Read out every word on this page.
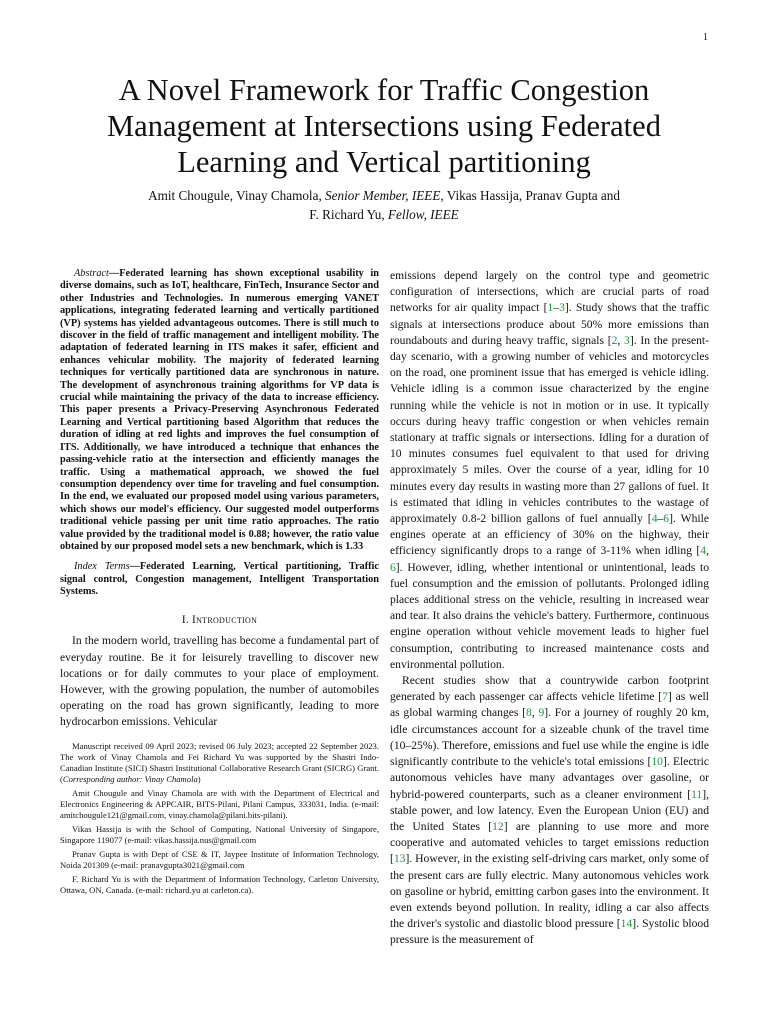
1
A Novel Framework for Traffic Congestion Management at Intersections using Federated Learning and Vertical partitioning
Amit Chougule, Vinay Chamola, Senior Member, IEEE, Vikas Hassija, Pranav Gupta and
F. Richard Yu, Fellow, IEEE

Abstract—Federated learning has shown exceptional usability in diverse domains, such as IoT, healthcare, FinTech, Insurance Sector and other Industries and Technologies. In numerous emerging VANET applications, integrating federated learning and vertically partitioned (VP) systems has yielded advantageous outcomes. There is still much to discover in the field of traffic management and intelligent mobility. The adaptation of federated learning in ITS makes it safer, efficient and enhances vehicular mobility. The majority of federated learning techniques for vertically partitioned data are synchronous in nature. The development of asynchronous training algorithms for VP data is crucial while maintaining the privacy of the data to increase efficiency. This paper presents a Privacy-Preserving Asynchronous Federated Learning and Vertical partitioning based Algorithm that reduces the duration of idling at red lights and improves the fuel consumption of ITS. Additionally, we have introduced a technique that enhances the passing-vehicle ratio at the intersection and efficiently manages the traffic. Using a mathematical approach, we showed the fuel consumption dependency over time for traveling and fuel consumption. In the end, we evaluated our proposed model using various parameters, which shows our model's efficiency. Our suggested model outperforms traditional vehicle passing per unit time ratio approaches. The ratio value provided by the traditional model is 0.88; however, the ratio value obtained by our proposed model sets a new benchmark, which is 1.33

Index Terms—Federated Learning, Vertical partitioning, Traffic signal control, Congestion management, Intelligent Transportation Systems.

I. Introduction

In the modern world, travelling has become a fundamental part of everyday routine. Be it for leisurely travelling to discover new locations or for daily commutes to your place of employment. However, with the growing population, the number of automobiles operating on the road has grown significantly, leading to more hydrocarbon emissions. Vehicular

Manuscript received 09 April 2023; revised 06 July 2023; accepted 22 September 2023. The work of Vinay Chamola and Fei Richard Yu was supported by the Shastri Indo-Canadian Institute (SICI) Shastri Institutional Collaborative Research Grant (SICRG) Grant. (Corresponding author: Vinay Chamola)

Amit Chougule and Vinay Chamola are with with the Department of Electrical and Electronics Engineering & APPCAIR, BITS-Pilani, Pilani Campus, 333031, India. (e-mail: amitchougule121@gmail.com, vinay.chamola@pilani.bits-pilani).

Vikas Hassija is with the School of Computing, National University of Singapore, Singapore 119077 (e-mail: vikas.hassija.nus@gmail.com

Pranav Gupta is with Dept of CSE & IT, Jaypee Institute of Information Technology, Noida 201309 (e-mail: pranavgupta3021@gmail.com

F. Richard Yu is with the Department of Information Technology, Carleton University, Ottawa, ON, Canada. (e-mail: richard.yu at carleton.ca).

emissions depend largely on the control type and geometric configuration of intersections, which are crucial parts of road networks for air quality impact [1–3]. Study shows that the traffic signals at intersections produce about 50% more emissions than roundabouts and during heavy traffic, signals [2, 3]. In the present-day scenario, with a growing number of vehicles and motorcycles on the road, one prominent issue that has emerged is vehicle idling. Vehicle idling is a common issue characterized by the engine running while the vehicle is not in motion or in use. It typically occurs during heavy traffic congestion or when vehicles remain stationary at traffic signals or intersections. Idling for a duration of 10 minutes consumes fuel equivalent to that used for driving approximately 5 miles. Over the course of a year, idling for 10 minutes every day results in wasting more than 27 gallons of fuel. It is estimated that idling in vehicles contributes to the wastage of approximately 0.8-2 billion gallons of fuel annually [4–6]. While engines operate at an efficiency of 30% on the highway, their efficiency significantly drops to a range of 3-11% when idling [4, 6]. However, idling, whether intentional or unintentional, leads to fuel consumption and the emission of pollutants. Prolonged idling places additional stress on the vehicle, resulting in increased wear and tear. It also drains the vehicle's battery. Furthermore, continuous engine operation without vehicle movement leads to higher fuel consumption, contributing to increased maintenance costs and environmental pollution.

Recent studies show that a countrywide carbon footprint generated by each passenger car affects vehicle lifetime [7] as well as global warming changes [8, 9]. For a journey of roughly 20 km, idle circumstances account for a sizeable chunk of the travel time (10–25%). Therefore, emissions and fuel use while the engine is idle significantly contribute to the vehicle's total emissions [10]. Electric autonomous vehicles have many advantages over gasoline, or hybrid-powered counterparts, such as a cleaner environment [11], stable power, and low latency. Even the European Union (EU) and the United States [12] are planning to use more and more cooperative and automated vehicles to target emissions reduction [13]. However, in the existing self-driving cars market, only some of the present cars are fully electric. Many autonomous vehicles work on gasoline or hybrid, emitting carbon gases into the environment. It even extends beyond pollution. In reality, idling a car also affects the driver's systolic and diastolic blood pressure [14]. Systolic blood pressure is the measurement of
